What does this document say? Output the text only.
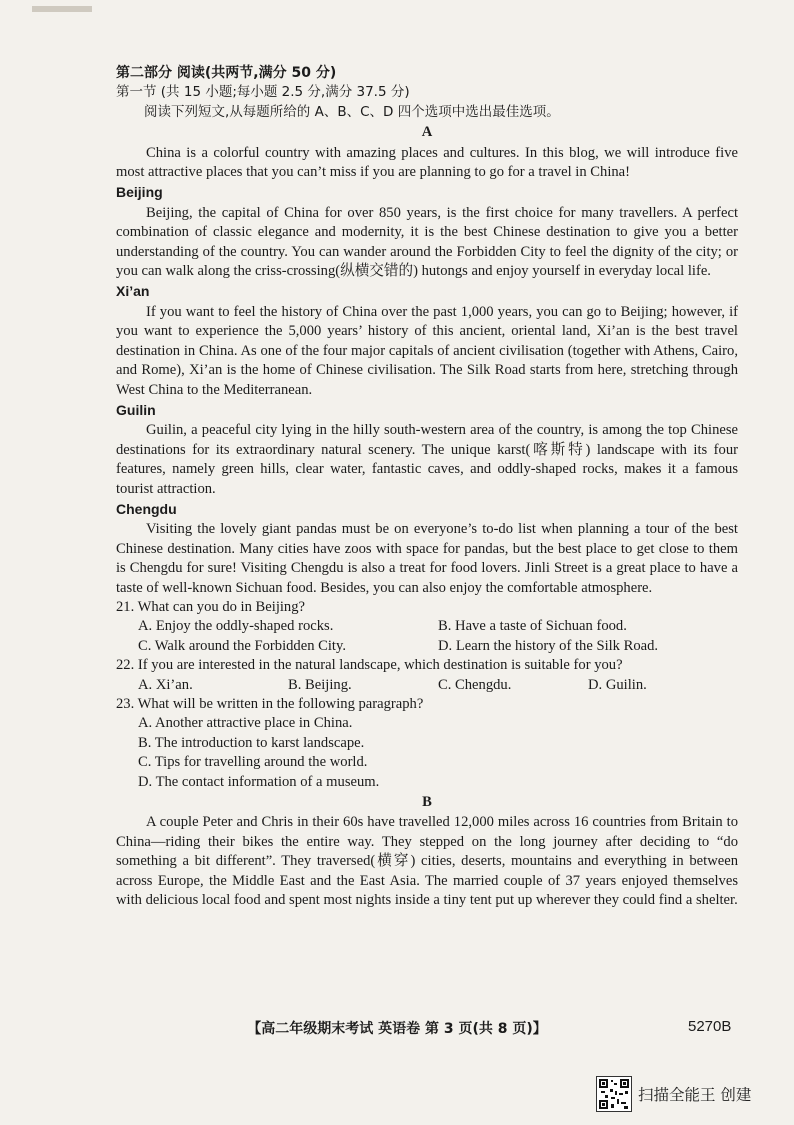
第二部分 阅读(共两节,满分 50 分)
第一节 (共 15 小题;每小题 2.5 分,满分 37.5 分)
阅读下列短文,从每题所给的 A、B、C、D 四个选项中选出最佳选项。
A

China is a colorful country with amazing places and cultures. In this blog, we will introduce five most attractive places that you can’t miss if you are planning to go for a travel in China!

Beijing

Beijing, the capital of China for over 850 years, is the first choice for many travellers. A perfect combination of classic elegance and modernity, it is the best Chinese destination to give you a better understanding of the country. You can wander around the Forbidden City to feel the dignity of the city; or you can walk along the criss-crossing(纵横交错的) hutongs and enjoy yourself in everyday local life.

Xi’an

If you want to feel the history of China over the past 1,000 years, you can go to Beijing; however, if you want to experience the 5,000 years’ history of this ancient, oriental land, Xi’an is the best travel destination in China. As one of the four major capitals of ancient civilisation (together with Athens, Cairo, and Rome), Xi’an is the home of Chinese civilisation. The Silk Road starts from here, stretching through West China to the Mediterranean.

Guilin

Guilin, a peaceful city lying in the hilly south-western area of the country, is among the top Chinese destinations for its extraordinary natural scenery. The unique karst(喀斯特) landscape with its four features, namely green hills, clear water, fantastic caves, and oddly-shaped rocks, makes it a famous tourist attraction.

Chengdu

Visiting the lovely giant pandas must be on everyone’s to-do list when planning a tour of the best Chinese destination. Many cities have zoos with space for pandas, but the best place to get close to them is Chengdu for sure! Visiting Chengdu is also a treat for food lovers. Jinli Street is a great place to have a taste of well-known Sichuan food. Besides, you can also enjoy the comfortable atmosphere.

21. What can you do in Beijing?
A. Enjoy the oddly-shaped rocks.	B. Have a taste of Sichuan food.
C. Walk around the Forbidden City.	D. Learn the history of the Silk Road.
22. If you are interested in the natural landscape, which destination is suitable for you?
A. Xi’an.	B. Beijing.	C. Chengdu.	D. Guilin.
23. What will be written in the following paragraph?
A. Another attractive place in China.
B. The introduction to karst landscape.
C. Tips for travelling around the world.
D. The contact information of a museum.
B

A couple Peter and Chris in their 60s have travelled 12,000 miles across 16 countries from Britain to China—riding their bikes the entire way. They stepped on the long journey after deciding to “do something a bit different”. They traversed(横穿) cities, deserts, mountains and everything in between across Europe, the Middle East and the East Asia. The married couple of 37 years enjoyed themselves with delicious local food and spent most nights inside a tiny tent put up wherever they could find a shelter.

【高二年级期末考试 英语卷 第 3 页(共 8 页)】	5270B
扫描全能王 创建
